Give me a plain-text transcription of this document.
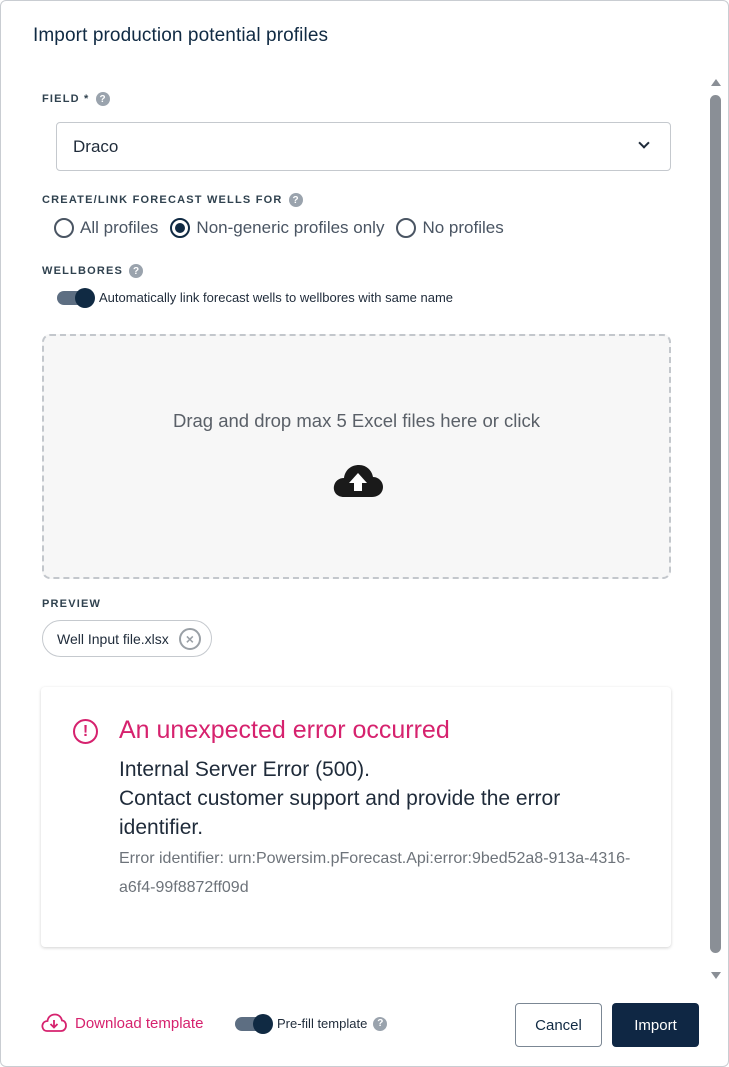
Import production potential profiles
FIELD * ?
Draco
CREATE/LINK FORECAST WELLS FOR ?
All profiles Non-generic profiles only No profiles
WELLBORES ?
Automatically link forecast wells to wellbores with same name
Drag and drop max 5 Excel files here or click
PREVIEW
Well Input file.xlsx	×
!	An unexpected error occurred
Internal Server Error (500).
Contact customer support and provide the error identifier.
Error identifier: urn:Powersim.pForecast.Api:error:9bed52a8-913a-4316-a6f4-99f8872ff09d
Download template	Pre-fill template ?	Cancel	Import
